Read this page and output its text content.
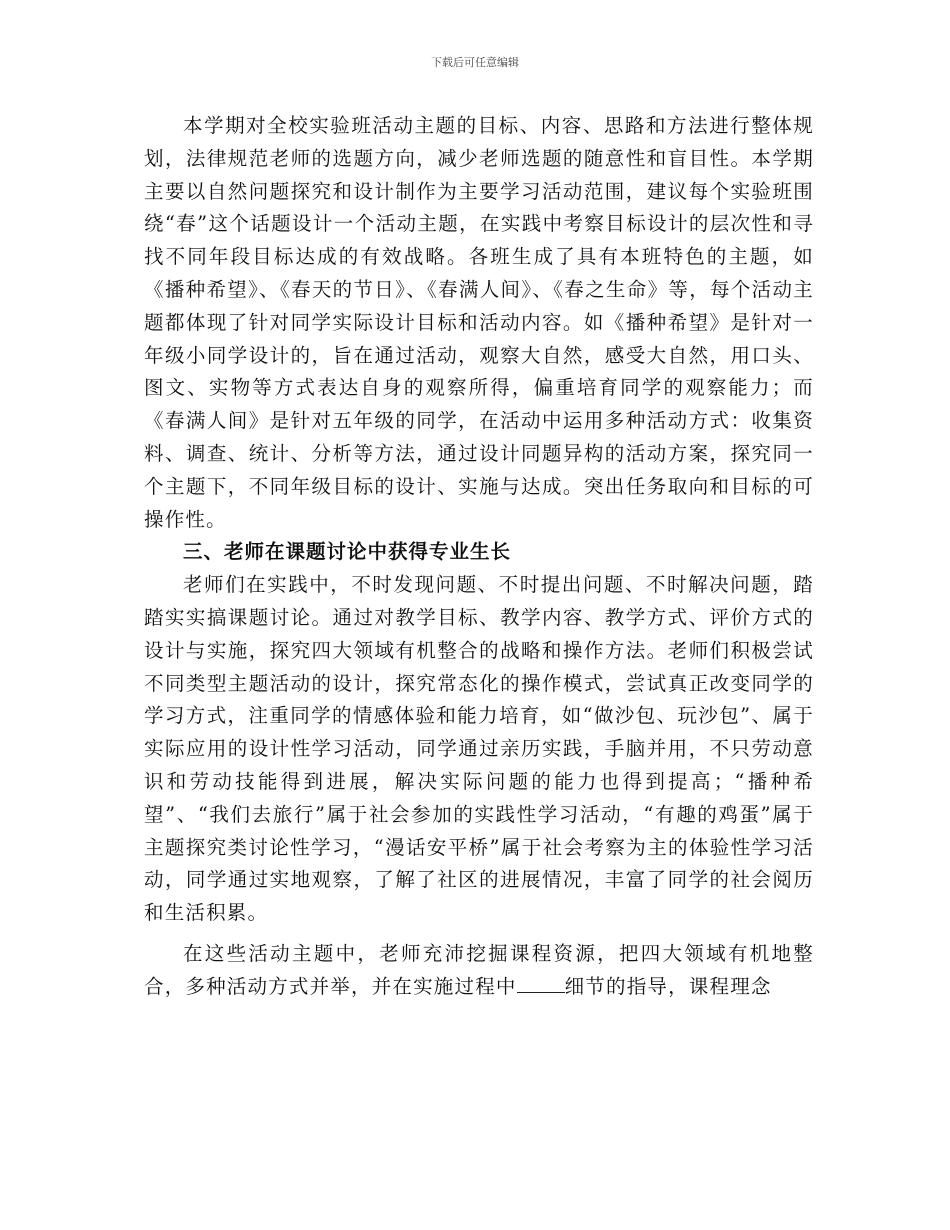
下载后可任意编辑

本学期对全校实验班活动主题的目标、内容、思路和方法进行整体规划，法律规范老师的选题方向，减少老师选题的随意性和盲目性。本学期主要以自然问题探究和设计制作为主要学习活动范围，建议每个实验班围绕“春”这个话题设计一个活动主题，在实践中考察目标设计的层次性和寻找不同年段目标达成的有效战略。各班生成了具有本班特色的主题，如《播种希望》、《春天的节日》、《春满人间》、《春之生命》等，每个活动主题都体现了针对同学实际设计目标和活动内容。如《播种希望》是针对一年级小同学设计的，旨在通过活动，观察大自然，感受大自然，用口头、图文、实物等方式表达自身的观察所得，偏重培育同学的观察能力；而《春满人间》是针对五年级的同学，在活动中运用多种活动方式：收集资料、调查、统计、分析等方法，通过设计同题异构的活动方案，探究同一个主题下，不同年级目标的设计、实施与达成。突出任务取向和目标的可操作性。

三、老师在课题讨论中获得专业生长

老师们在实践中，不时发现问题、不时提出问题、不时解决问题，踏踏实实搞课题讨论。通过对教学目标、教学内容、教学方式、评价方式的设计与实施，探究四大领域有机整合的战略和操作方法。老师们积极尝试不同类型主题活动的设计，探究常态化的操作模式，尝试真正改变同学的学习方式，注重同学的情感体验和能力培育，如“做沙包、玩沙包”、属于实际应用的设计性学习活动，同学通过亲历实践，手脑并用，不只劳动意识和劳动技能得到进展，解决实际问题的能力也得到提高；“播种希望”、“我们去旅行”属于社会参加的实践性学习活动，“有趣的鸡蛋”属于主题探究类讨论性学习，“漫话安平桥”属于社会考察为主的体验性学习活动，同学通过实地观察，了解了社区的进展情况，丰富了同学的社会阅历和生活积累。

在这些活动主题中，老师充沛挖掘课程资源，把四大领域有机地整合，多种活动方式并举，并在实施过程中 细节的指导，课程理念
